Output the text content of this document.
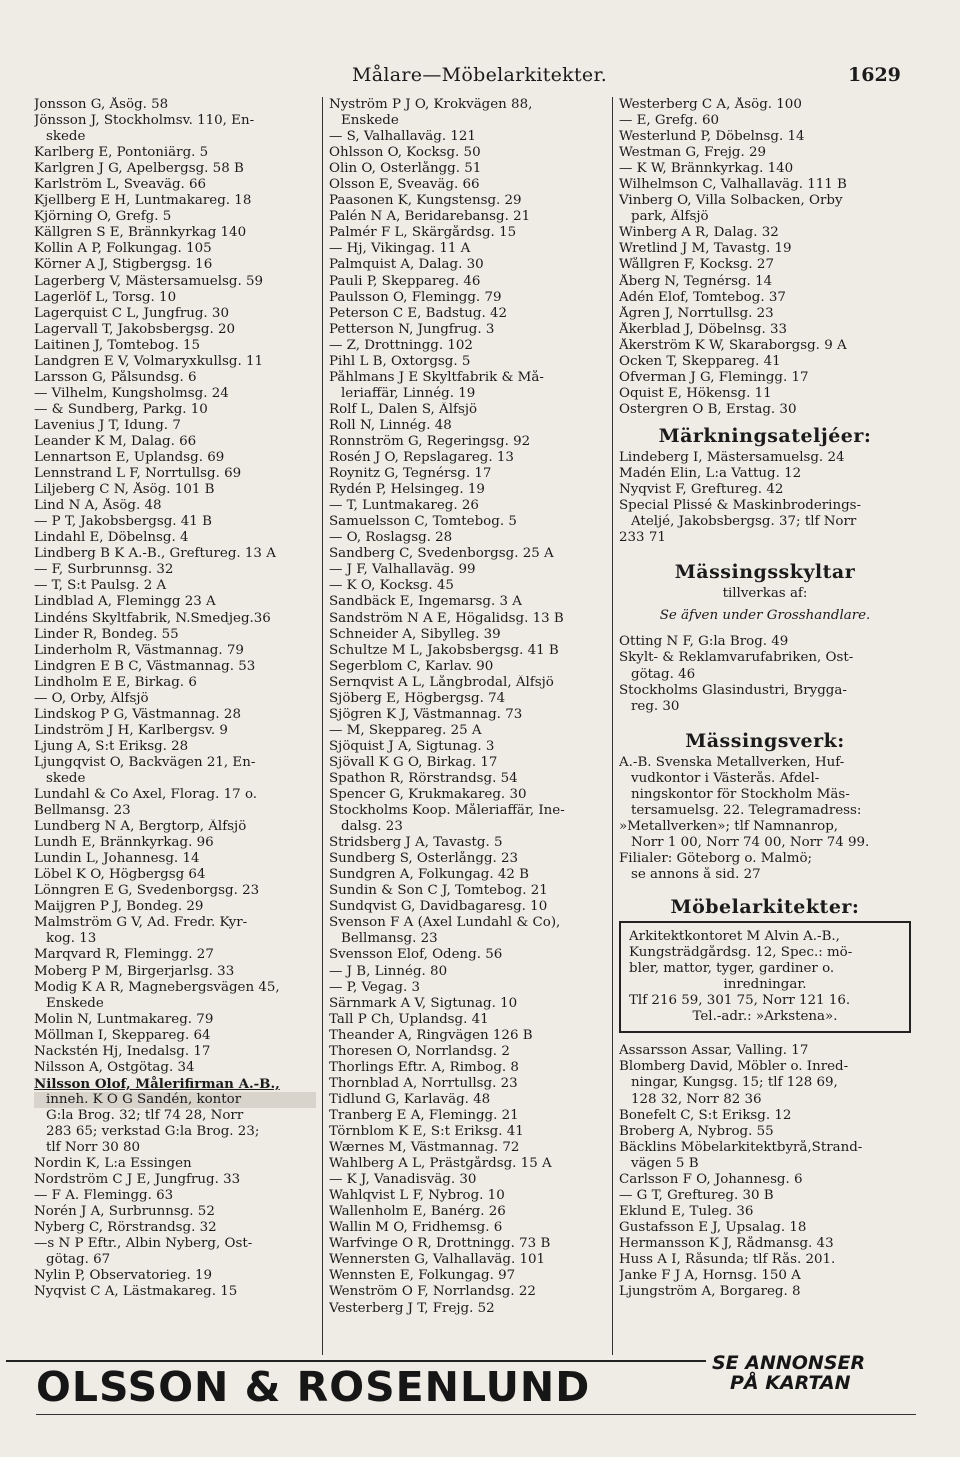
Målare—Möbelarkitekter.	1629
Jonsson G, Åsög. 58
Jönsson J, Stockholmsv. 110, En-
skede
Karlberg E, Pontoniärg. 5
Karlgren J G, Apelbergsg. 58 B
Karlström L, Sveaväg. 66
Kjellberg E H, Luntmakareg. 18
Kjörning O, Grefg. 5
Källgren S E, Brännkyrkag 140
Kollin A P, Folkungag. 105
Körner A J, Stigbergsg. 16
Lagerberg V, Mästersamuelsg. 59
Lagerlöf L, Torsg. 10
Lagerquist C L, Jungfrug. 30
Lagervall T, Jakobsbergsg. 20
Laitinen J, Tomtebog. 15
Landgren E V, Volmaryxkullsg. 11
Larsson G, Pålsundsg. 6
— Vilhelm, Kungsholmsg. 24
— & Sundberg, Parkg. 10
Lavenius J T, Idung. 7
Leander K M, Dalag. 66
Lennartson E, Uplandsg. 69
Lennstrand L F, Norrtullsg. 69
Liljeberg C N, Åsög. 101 B
Lind N A, Åsög. 48
— P T, Jakobsbergsg. 41 B
Lindahl E, Döbelnsg. 4
Lindberg B K A.-B., Greftureg. 13 A
— F, Surbrunnsg. 32
— T, S:t Paulsg. 2 A
Lindblad A, Flemingg 23 A
Lindéns Skyltfabrik, N.Smedjeg.36
Linder R, Bondeg. 55
Linderholm R, Västmannag. 79
Lindgren E B C, Västmannag. 53
Lindholm E E, Birkag. 6
— O, Örby, Älfsjö
Lindskog P G, Västmannag. 28
Lindström J H, Karlbergsv. 9
Ljung A, S:t Eriksg. 28
Ljungqvist O, Backvägen 21, En-
skede
Lundahl & Co Axel, Florag. 17 o.
Bellmansg. 23
Lundberg N A, Bergtorp, Älfsjö
Lundh E, Brännkyrkag. 96
Lundin L, Johannesg. 14
Löbel K O, Högbergsg 64
Lönngren E G, Svedenborgsg. 23
Maijgren P J, Bondeg. 29
Malmström G V, Ad. Fredr. Kyr-
kog. 13
Marqvard R, Flemingg. 27
Moberg P M, Birgerjarlsg. 33
Modig K A R, Magnebergsvägen 45,
Enskede
Molin N, Luntmakareg. 79
Möllman I, Skeppareg. 64
Nackstén Hj, Inedalsg. 17
Nilsson A, Östgötag. 34
Nilsson Olof, Målerifirman A.-B.,
inneh. K O G Sandén, kontor
G:la Brog. 32; tlf 74 28, Norr
283 65; verkstad G:la Brog. 23;
tlf Norr 30 80
Nordin K, L:a Essingen
Nordström C J E, Jungfrug. 33
— F A. Flemingg. 63
Norén J A, Surbrunnsg. 52
Nyberg C, Rörstrandsg. 32
—s N P Eftr., Albin Nyberg, Öst-
götag. 67
Nylin P, Observatorieg. 19
Nyqvist C A, Lästmakareg. 15
Nyström P J O, Krokvägen 88,
Enskede
— S, Valhallaväg. 121
Ohlsson O, Kocksg. 50
Olin O, Österlångg. 51
Olsson E, Sveaväg. 66
Paasonen K, Kungstensg. 29
Palén N A, Beridarebansg. 21
Palmér F L, Skärgårdsg. 15
— Hj, Vikingag. 11 A
Palmquist A, Dalag. 30
Pauli P, Skeppareg. 46
Paulsson O, Flemingg. 79
Peterson C E, Badstug. 42
Petterson N, Jungfrug. 3
— Z, Drottningg. 102
Pihl L B, Oxtorgsg. 5
Påhlmans J E Skyltfabrik & Må-
leriaffär, Linnég. 19
Rolf L, Dalen S, Älfsjö
Roll N, Linnég. 48
Ronnström G, Regeringsg. 92
Rosén J O, Repslagareg. 13
Roynitz G, Tegnérsg. 17
Rydén P, Helsingeg. 19
— T, Luntmakareg. 26
Samuelsson C, Tomtebog. 5
— O, Roslagsg. 28
Sandberg C, Svedenborgsg. 25 A
— J F, Valhallaväg. 99
— K O, Kocksg. 45
Sandbäck E, Ingemarsg. 3 A
Sandström N A E, Högalidsg. 13 B
Schneider A, Sibylleg. 39
Schultze M L, Jakobsbergsg. 41 B
Segerblom C, Karlav. 90
Sernqvist A L, Långbrodal, Älfsjö
Sjöberg E, Högbergsg. 74
Sjögren K J, Västmannag. 73
— M, Skeppareg. 25 A
Sjöquist J A, Sigtunag. 3
Sjövall K G O, Birkag. 17
Spathon R, Rörstrandsg. 54
Spencer G, Krukmakareg. 30
Stockholms Koop. Måleriaffär, Ine-
dalsg. 23
Stridsberg J A, Tavastg. 5
Sundberg S, Österlångg. 23
Sundgren A, Folkungag. 42 B
Sundin & Son C J, Tomtebog. 21
Sundqvist G, Davidbagaresg. 10
Svenson F A (Axel Lundahl & Co),
Bellmansg. 23
Svensson Elof, Odeng. 56
— J B, Linnég. 80
— P, Vegag. 3
Särnmark A V, Sigtunag. 10
Tall P Ch, Uplandsg. 41
Theander A, Ringvägen 126 B
Thoresen O, Norrlandsg. 2
Thorlings Eftr. A, Rimbog. 8
Thornblad A, Norrtullsg. 23
Tidlund G, Karlaväg. 48
Tranberg E A, Flemingg. 21
Törnblom K E, S:t Eriksg. 41
Wærnes M, Västmannag. 72
Wahlberg A L, Prästgårdsg. 15 A
— K J, Vanadisväg. 30
Wahlqvist L F, Nybrog. 10
Wallenholm E, Banérg. 26
Wallin M O, Fridhemsg. 6
Warfvinge O R, Drottningg. 73 B
Wennersten G, Valhallaväg. 101
Wennsten E, Folkungag. 97
Wenström O F, Norrlandsg. 22
Vesterberg J T, Frejg. 52
Westerberg C A, Åsög. 100
— E, Grefg. 60
Westerlund P, Döbelnsg. 14
Westman G, Frejg. 29
— K W, Brännkyrkag. 140
Wilhelmson C, Valhallaväg. 111 B
Vinberg O, Villa Solbacken, Örby
park, Älfsjö
Winberg A R, Dalag. 32
Wretlind J M, Tavastg. 19
Wållgren F, Kocksg. 27
Åberg N, Tegnérsg. 14
Adén Elof, Tomtebog. 37
Ågren J, Norrtullsg. 23
Åkerblad J, Döbelnsg. 33
Åkerström K W, Skaraborgsg. 9 A
Öcken T, Skeppareg. 41
Öfverman J G, Flemingg. 17
Öquist E, Hökensg. 11
Östergren O B, Erstag. 30
Märkningsateljéer:
Lindeberg I, Mästersamuelsg. 24
Madén Elin, L:a Vattug. 12
Nyqvist F, Greftureg. 42
Special Plissé & Maskinbroderings-
Ateljé, Jakobsbergsg. 37; tlf Norr
233 71
Mässingsskyltar
tillverkas af:
Se äfven under Grosshandlare.
Otting N F, G:la Brog. 49
Skylt- & Reklamvarufabriken, Öst-
götag. 46
Stockholms Glasindustri, Brygga-
reg. 30
Mässingsverk:
A.-B. Svenska Metallverken, Huf-
vudkontor i Västerås. Afdel-
ningskontor för Stockholm Mäs-
tersamuelsg. 22. Telegramadress:
»Metallverken»; tlf Namnanrop,
Norr 1 00, Norr 74 00, Norr 74 99.
Filialer: Göteborg o. Malmö;
se annons å sid. 27
Möbelarkitekter:
Arkitektkontoret M Alvin A.-B.,
Kungsträdgårdsg. 12, Spec.: mö-
bler, mattor, tyger, gardiner o.
inredningar.
Tlf 216 59, 301 75, Norr 121 16.
Tel.-adr.: »Arkstena».
Assarsson Assar, Valling. 17
Blomberg David, Möbler o. Inred-
ningar, Kungsg. 15; tlf 128 69,
128 32, Norr 82 36
Bonefelt C, S:t Eriksg. 12
Broberg A, Nybrog. 55
Bäcklins Möbelarkitektbyrå,Strand-
vägen 5 B
Carlsson F O, Johannesg. 6
— G T, Greftureg. 30 B
Eklund E, Tuleg. 36
Gustafsson E J, Upsalag. 18
Hermansson K J, Rådmansg. 43
Huss A I, Råsunda; tlf Rås. 201.
Janke F J A, Hornsg. 150 A
Ljungström A, Borgareg. 8
OLSSON & ROSENLUND	SE ANNONSER
PÅ KARTAN
